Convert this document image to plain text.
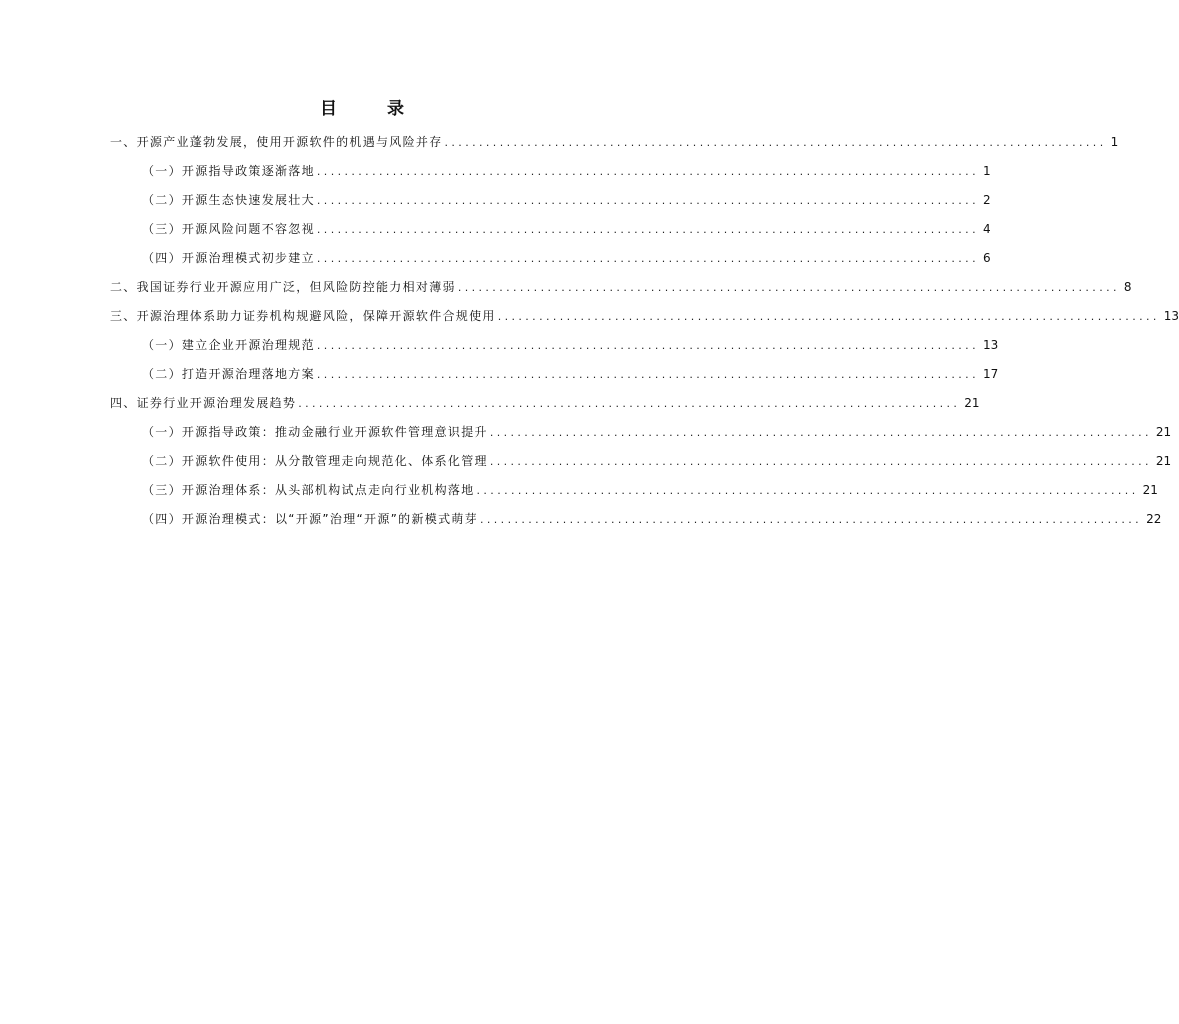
目 录
一、开源产业蓬勃发展，使用开源软件的机遇与风险并存 ................................................................................................ 1
（一）开源指导政策逐渐落地 ................................................................................................ 1
（二）开源生态快速发展壮大 ................................................................................................ 2
（三）开源风险问题不容忽视 ................................................................................................ 4
（四）开源治理模式初步建立 ................................................................................................ 6
二、我国证券行业开源应用广泛，但风险防控能力相对薄弱 ................................................................................................ 8
三、开源治理体系助力证券机构规避风险，保障开源软件合规使用 ................................................................................................ 13
（一）建立企业开源治理规范 ................................................................................................ 13
（二）打造开源治理落地方案 ................................................................................................ 17
四、证券行业开源治理发展趋势 ................................................................................................ 21
（一）开源指导政策：推动金融行业开源软件管理意识提升 ................................................................................................ 21
（二）开源软件使用：从分散管理走向规范化、体系化管理 ................................................................................................ 21
（三）开源治理体系：从头部机构试点走向行业机构落地 ................................................................................................ 21
（四）开源治理模式：以“开源”治理“开源”的新模式萌芽 ................................................................................................ 22
